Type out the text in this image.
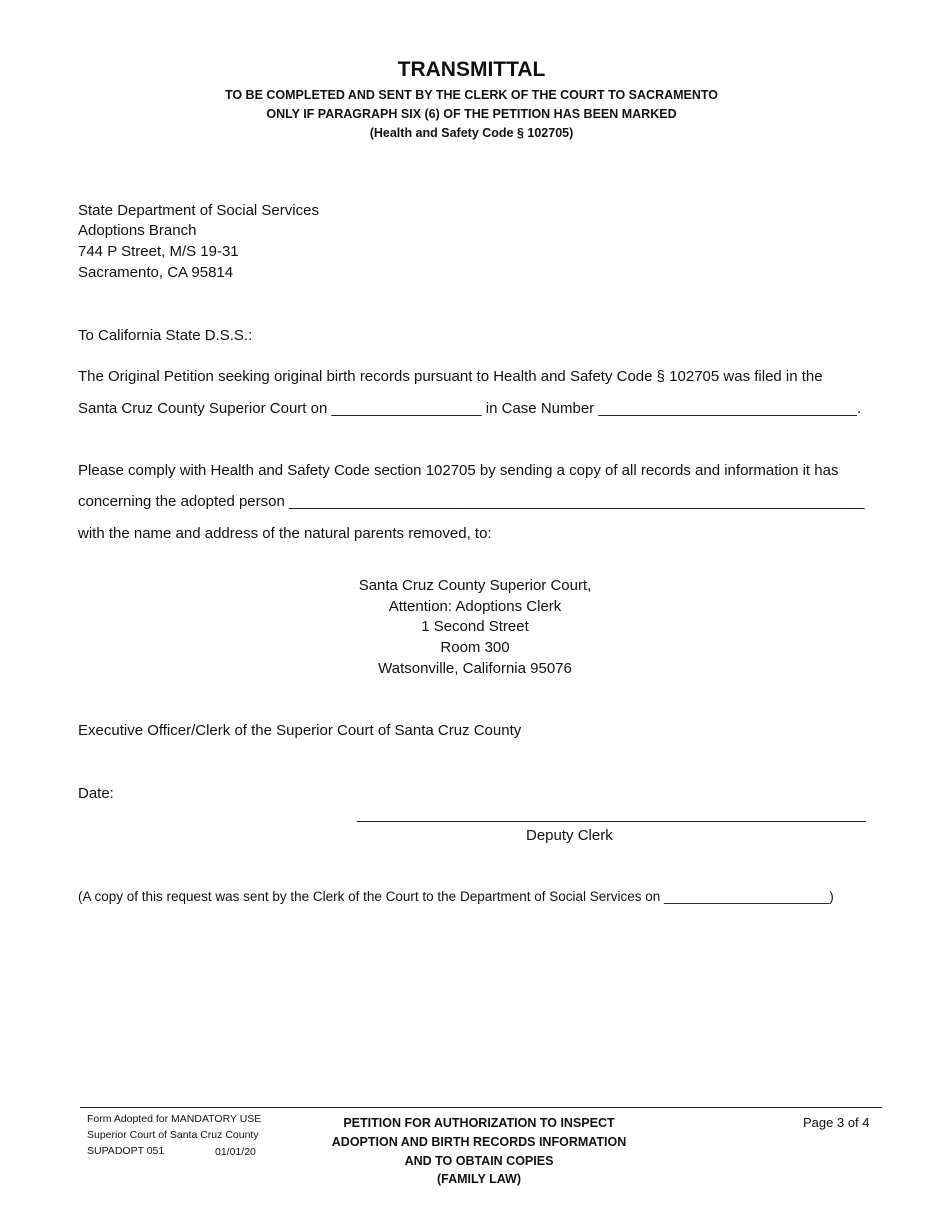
TRANSMITTAL
TO BE COMPLETED AND SENT BY THE CLERK OF THE COURT TO SACRAMENTO
ONLY IF PARAGRAPH SIX (6) OF THE PETITION HAS BEEN MARKED
(Health and Safety Code § 102705)
State Department of Social Services
Adoptions Branch
744 P Street, M/S 19-31
Sacramento, CA 95814
To California State D.S.S.:
The Original Petition seeking original birth records pursuant to Health and Safety Code § 102705 was filed in the
Santa Cruz County Superior Court on __________________ in Case Number _______________________________.
Please comply with Health and Safety Code section 102705 by sending a copy of all records and information it has
concerning the adopted person _____________________________________________________________________
with the name and address of the natural parents removed, to:
Santa Cruz County Superior Court,
Attention: Adoptions Clerk
1 Second Street
Room 300
Watsonville, California 95076
Executive Officer/Clerk of the Superior Court of Santa Cruz County
Date:
_____________________________________________________________
Deputy Clerk
(A copy of this request was sent by the Clerk of the Court to the Department of Social Services on ______________________)
Form Adopted for MANDATORY USE
Superior Court of Santa Cruz County
SUPADOPT 051	01/01/20
PETITION FOR AUTHORIZATION TO INSPECT
ADOPTION AND BIRTH RECORDS INFORMATION
AND TO OBTAIN COPIES
(FAMILY LAW)
Page 3 of 4
